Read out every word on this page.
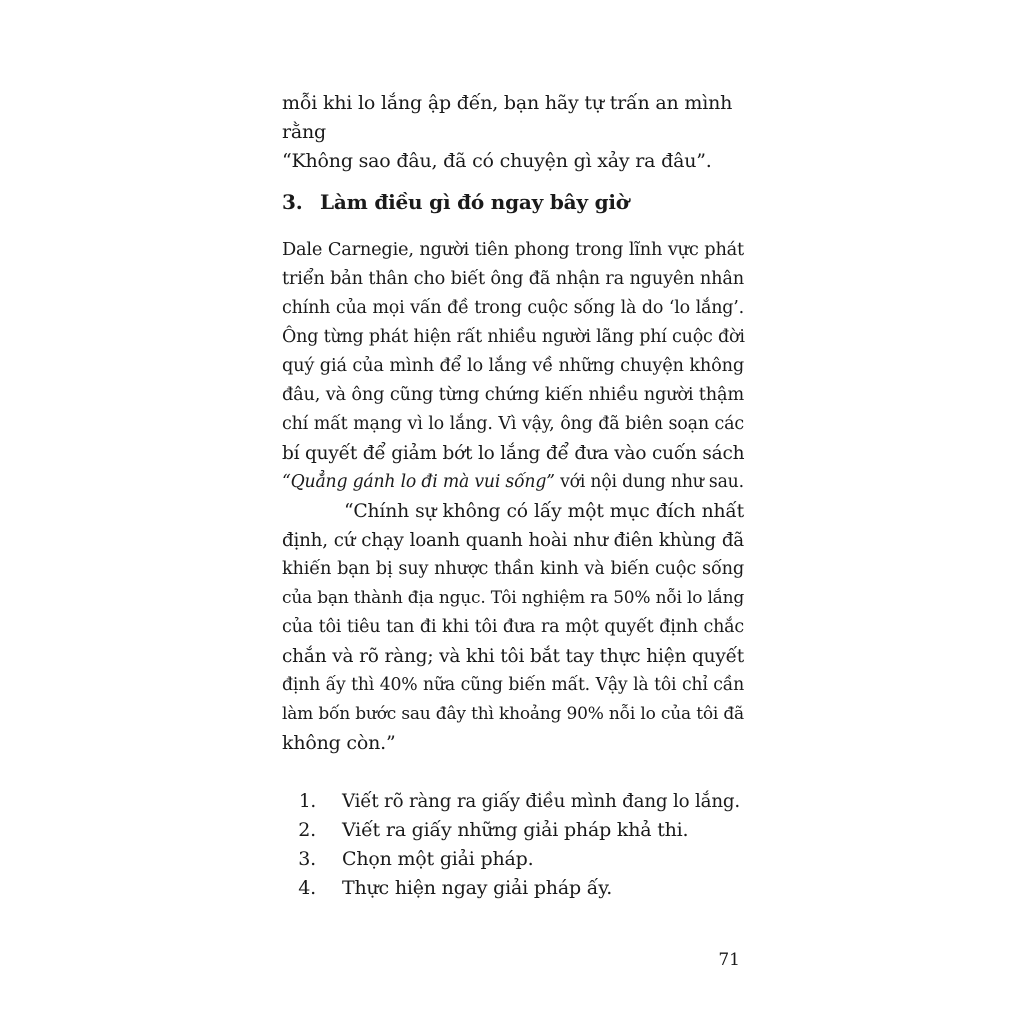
mỗi khi lo lắng ập đến, bạn hãy tự trấn an mình rằng
“Không sao đâu, đã có chuyện gì xảy ra đâu”.
3. Làm điều gì đó ngay bây giờ
Dale Carnegie, người tiên phong trong lĩnh vực phát
triển bản thân cho biết ông đã nhận ra nguyên nhân
chính của mọi vấn đề trong cuộc sống là do ‘lo lắng’.
Ông từng phát hiện rất nhiều người lãng phí cuộc đời
quý giá của mình để lo lắng về những chuyện không
đâu, và ông cũng từng chứng kiến nhiều người thậm
chí mất mạng vì lo lắng. Vì vậy, ông đã biên soạn các
bí quyết để giảm bớt lo lắng để đưa vào cuốn sách
“Quẳng gánh lo đi mà vui sống” với nội dung như sau.
“Chính sự không có lấy một mục đích nhất
định, cứ chạy loanh quanh hoài như điên khùng đã
khiến bạn bị suy nhược thần kinh và biến cuộc sống
của bạn thành địa ngục. Tôi nghiệm ra 50% nỗi lo lắng
của tôi tiêu tan đi khi tôi đưa ra một quyết định chắc
chắn và rõ ràng; và khi tôi bắt tay thực hiện quyết
định ấy thì 40% nữa cũng biến mất. Vậy là tôi chỉ cần
làm bốn bước sau đây thì khoảng 90% nỗi lo của tôi đã
không còn.”
1. Viết rõ ràng ra giấy điều mình đang lo lắng.
2. Viết ra giấy những giải pháp khả thi.
3. Chọn một giải pháp.
4. Thực hiện ngay giải pháp ấy.
71
